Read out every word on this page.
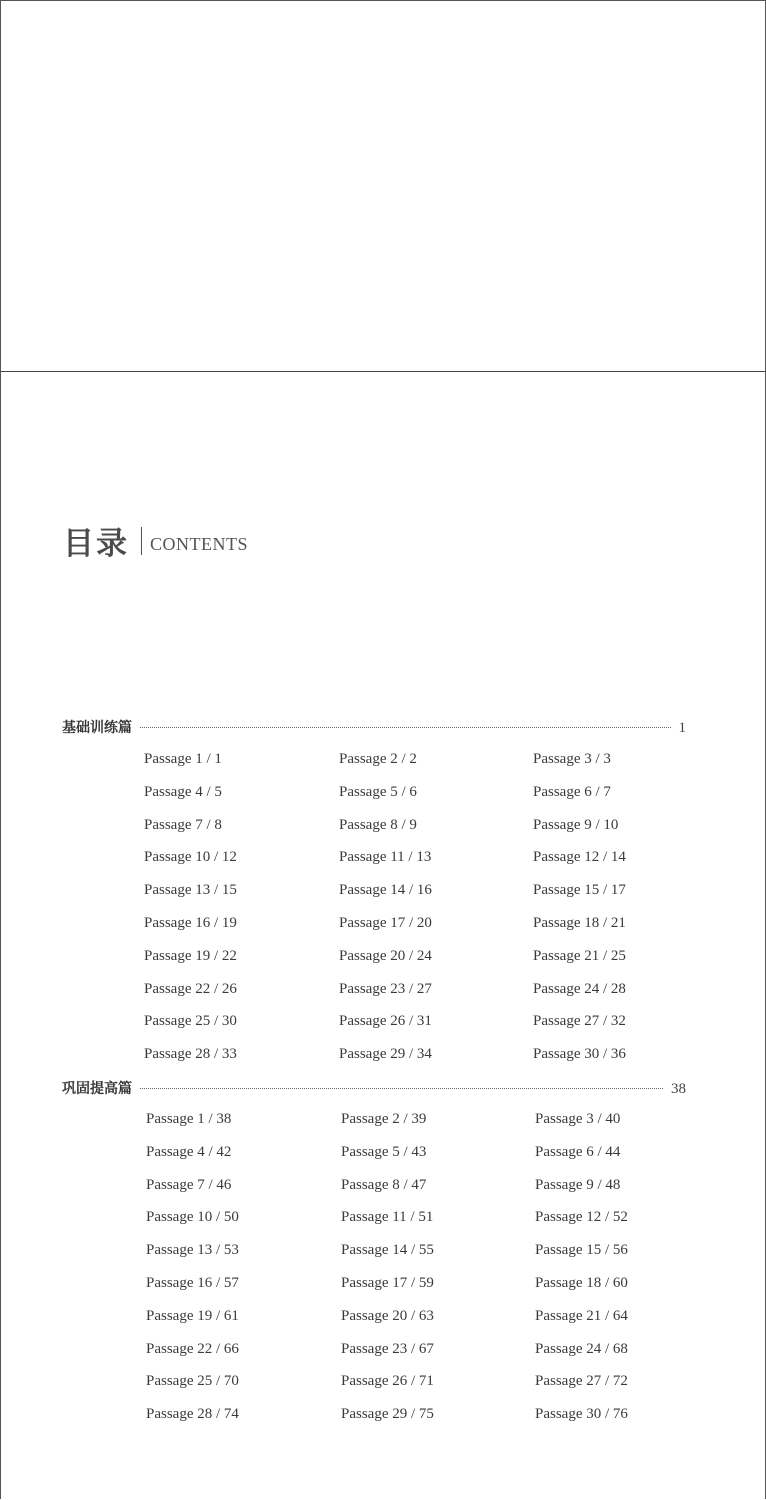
目录 CONTENTS
基础训练篇	1
Passage 1 / 1	Passage 2 / 2	Passage 3 / 3
Passage 4 / 5	Passage 5 / 6	Passage 6 / 7
Passage 7 / 8	Passage 8 / 9	Passage 9 / 10
Passage 10 / 12	Passage 11 / 13	Passage 12 / 14
Passage 13 / 15	Passage 14 / 16	Passage 15 / 17
Passage 16 / 19	Passage 17 / 20	Passage 18 / 21
Passage 19 / 22	Passage 20 / 24	Passage 21 / 25
Passage 22 / 26	Passage 23 / 27	Passage 24 / 28
Passage 25 / 30	Passage 26 / 31	Passage 27 / 32
Passage 28 / 33	Passage 29 / 34	Passage 30 / 36
巩固提高篇	38
Passage 1 / 38	Passage 2 / 39	Passage 3 / 40
Passage 4 / 42	Passage 5 / 43	Passage 6 / 44
Passage 7 / 46	Passage 8 / 47	Passage 9 / 48
Passage 10 / 50	Passage 11 / 51	Passage 12 / 52
Passage 13 / 53	Passage 14 / 55	Passage 15 / 56
Passage 16 / 57	Passage 17 / 59	Passage 18 / 60
Passage 19 / 61	Passage 20 / 63	Passage 21 / 64
Passage 22 / 66	Passage 23 / 67	Passage 24 / 68
Passage 25 / 70	Passage 26 / 71	Passage 27 / 72
Passage 28 / 74	Passage 29 / 75	Passage 30 / 76
